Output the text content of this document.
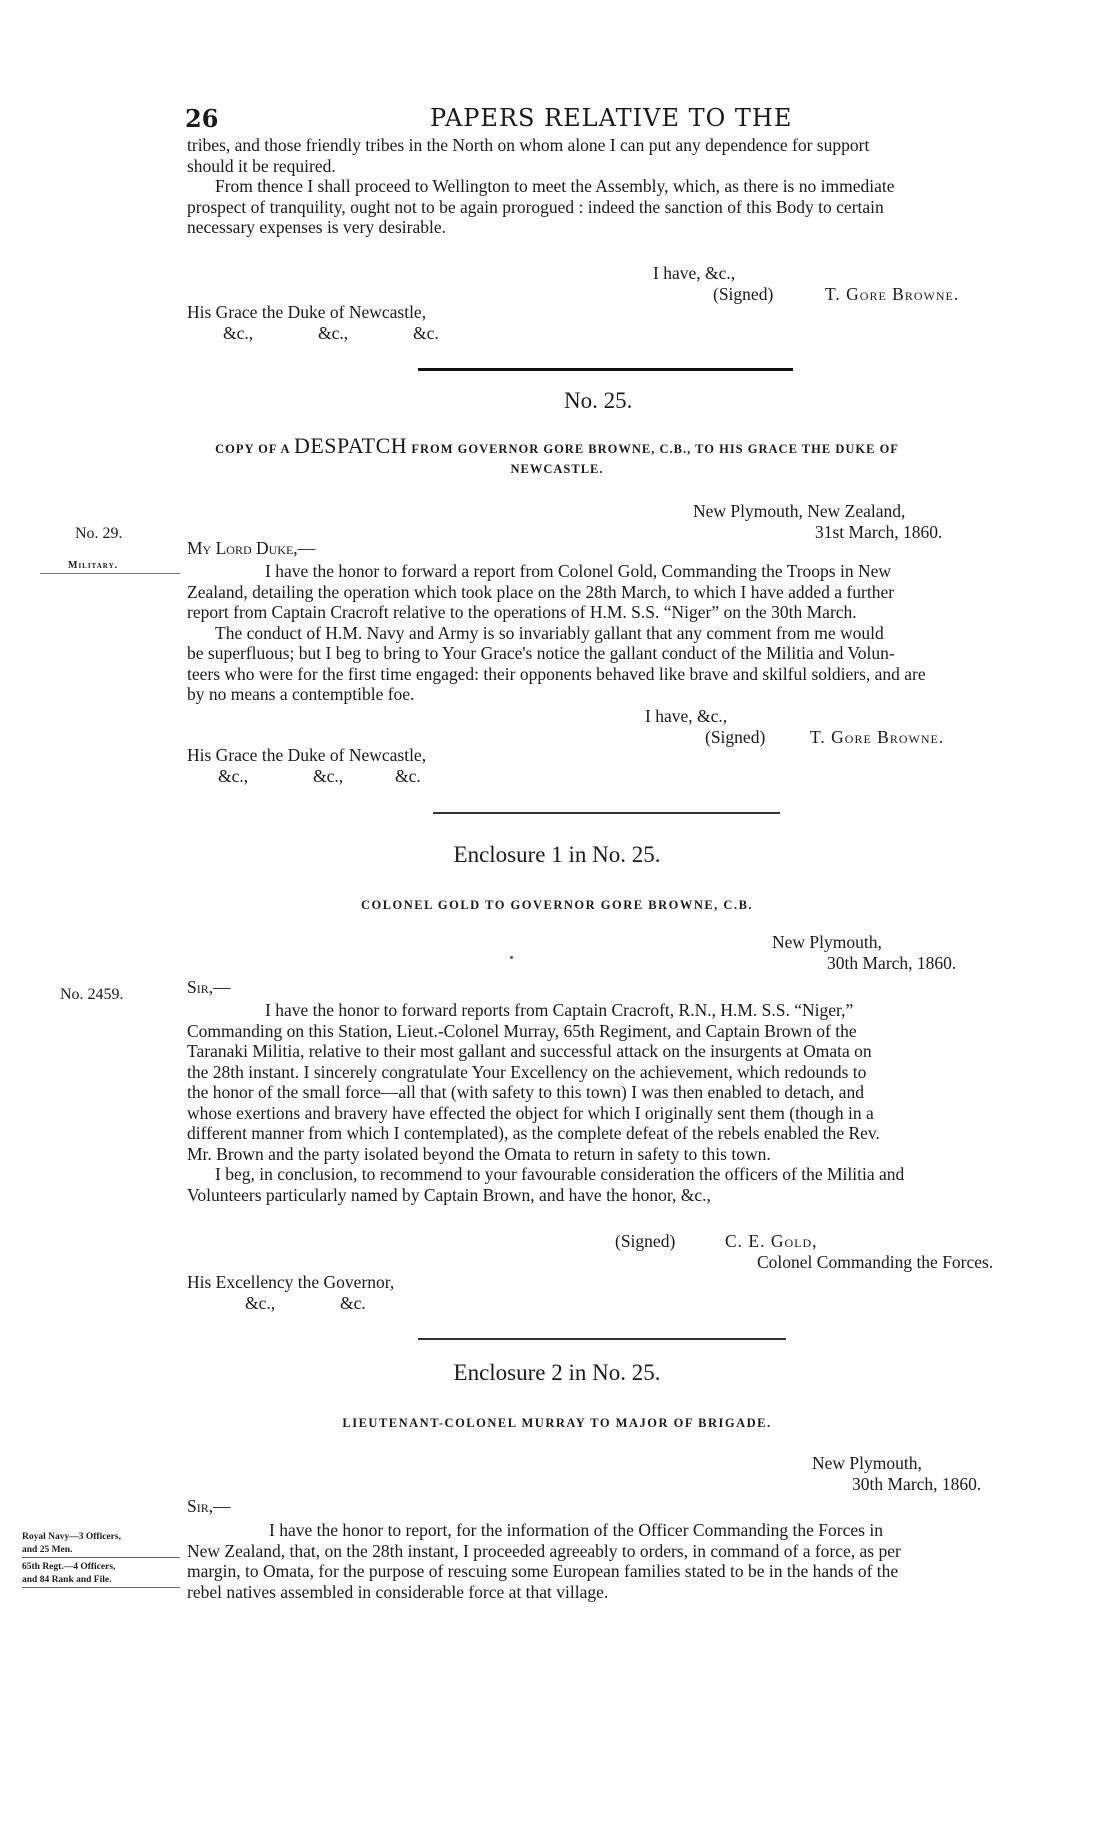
26	PAPERS RELATIVE TO THE

tribes, and those friendly tribes in the North on whom alone I can put any dependence for support

should it be required.

From thence I shall proceed to Wellington to meet the Assembly, which, as there is no immediate

prospect of tranquility, ought not to be again prorogued : indeed the sanction of this Body to certain

necessary expenses is very desirable.

I have, &c.,
(Signed)	T. Gore Browne.
His Grace the Duke of Newcastle,
&c.,	&c.,	&c.
No. 25.
COPY OF A DESPATCH FROM GOVERNOR GORE BROWNE, C.B., TO HIS GRACE THE DUKE OF
NEWCASTLE.
No. 29.
Military.
New Plymouth, New Zealand,
31st March, 1860.
My Lord Duke,—

I have the honor to forward a report from Colonel Gold, Commanding the Troops in New

Zealand, detailing the operation which took place on the 28th March, to which I have added a further

report from Captain Cracroft relative to the operations of H.M. S.S. “Niger” on the 30th March.

The conduct of H.M. Navy and Army is so invariably gallant that any comment from me would

be superfluous; but I beg to bring to Your Grace's notice the gallant conduct of the Militia and Volun-

teers who were for the first time engaged: their opponents behaved like brave and skilful soldiers, and are

by no means a contemptible foe.

I have, &c.,
(Signed)	T. Gore Browne.
His Grace the Duke of Newcastle,
&c.,	&c.,	&c.
Enclosure 1 in No. 25.
COLONEL GOLD TO GOVERNOR GORE BROWNE, C.B.
New Plymouth,
30th March, 1860.
No. 2459.	Sir,—

I have the honor to forward reports from Captain Cracroft, R.N., H.M. S.S. “Niger,”

Commanding on this Station, Lieut.-Colonel Murray, 65th Regiment, and Captain Brown of the

Taranaki Militia, relative to their most gallant and successful attack on the insurgents at Omata on

the 28th instant. I sincerely congratulate Your Excellency on the achievement, which redounds to

the honor of the small force—all that (with safety to this town) I was then enabled to detach, and

whose exertions and bravery have effected the object for which I originally sent them (though in a

different manner from which I contemplated), as the complete defeat of the rebels enabled the Rev.

Mr. Brown and the party isolated beyond the Omata to return in safety to this town.

I beg, in conclusion, to recommend to your favourable consideration the officers of the Militia and

Volunteers particularly named by Captain Brown, and have the honor, &c.,

(Signed)	C. E. Gold,
Colonel Commanding the Forces.
His Excellency the Governor,
&c.,	&c.
Enclosure 2 in No. 25.
LIEUTENANT-COLONEL MURRAY TO MAJOR OF BRIGADE.
New Plymouth,
30th March, 1860.
Sir,—

I have the honor to report, for the information of the Officer Commanding the Forces in

New Zealand, that, on the 28th instant, I proceeded agreeably to orders, in command of a force, as per

margin, to Omata, for the purpose of rescuing some European families stated to be in the hands of the

rebel natives assembled in considerable force at that village.

Royal Navy—3 Officers,
and 25 Men.
65th Regt.—4 Officers,
and 84 Rank and File.
